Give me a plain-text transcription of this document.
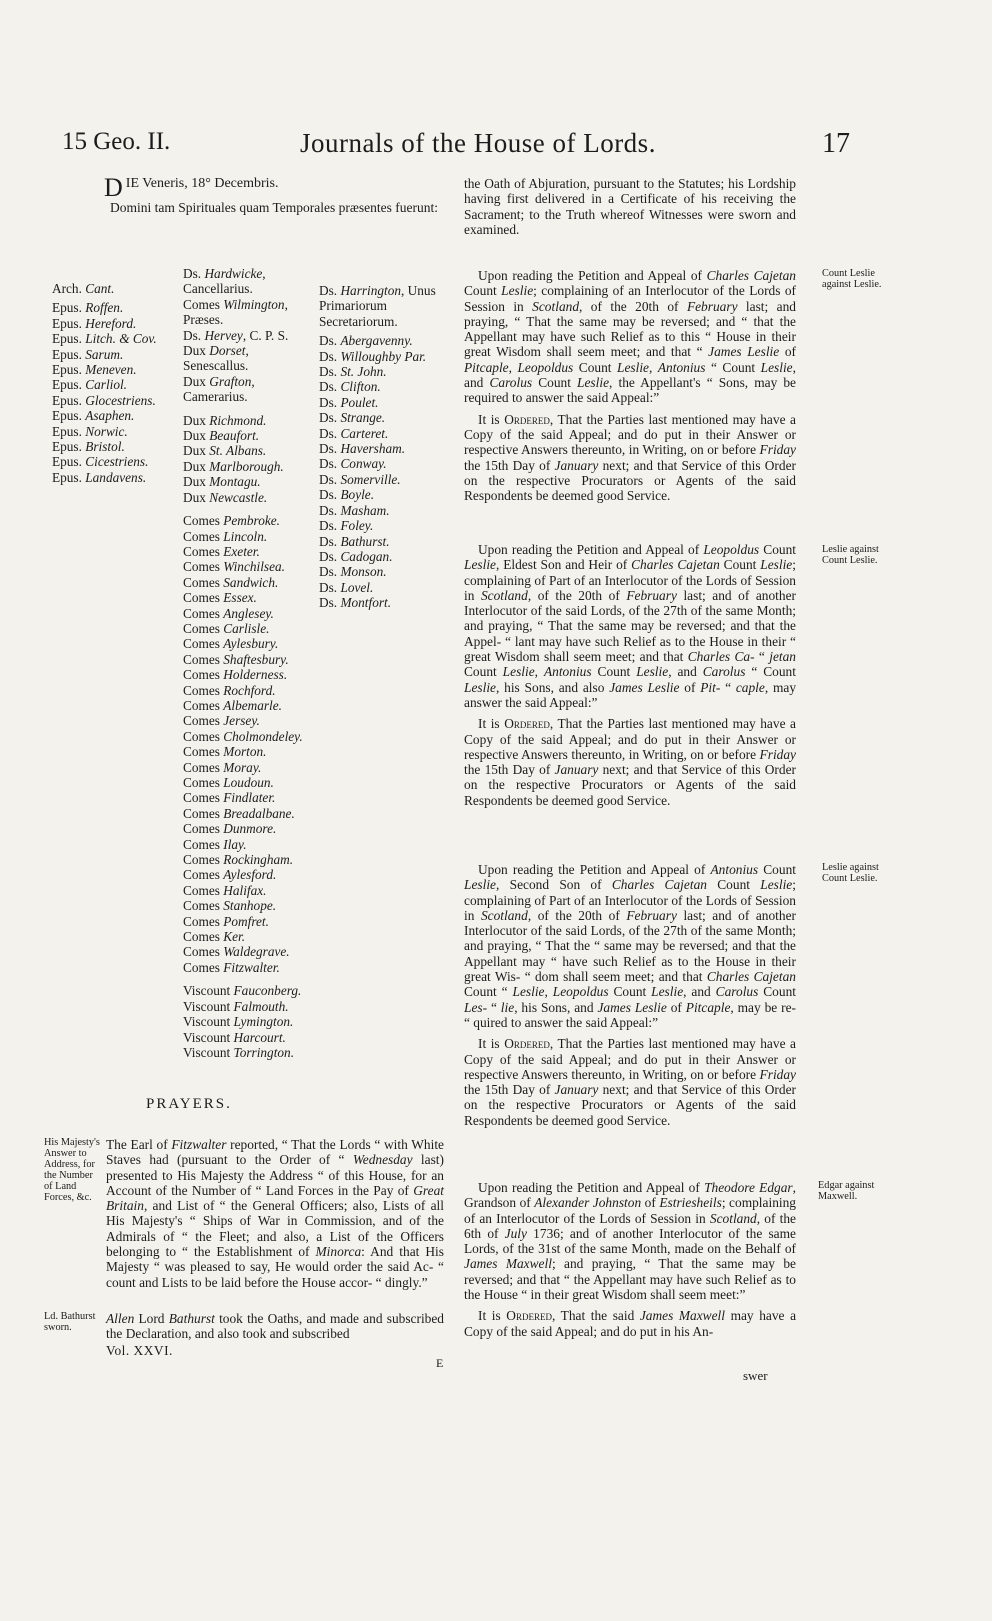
15 Geo. II.	Journals of the House of Lords.	17
D IE Veneris, 18° Decembris.

Domini tam Spirituales quam Temporales præsentes fuerunt:

Arch. Cant.
Epus. Roffen.
Epus. Hereford.
Epus. Litch. & Cov.
Epus. Sarum.
Epus. Meneven.
Epus. Carliol.
Epus. Glocestriens.
Epus. Asaphen.
Epus. Norwic.
Epus. Bristol.
Epus. Cicestriens.
Epus. Landavens.
Ds. Hardwicke, Cancellarius.
Comes Wilmington, Præses.
Ds. Hervey, C. P. S.
Dux Dorset, Senescallus.
Dux Grafton, Camerarius.
Dux Richmond.
Dux Beaufort.
Dux St. Albans.
Dux Marlborough.
Dux Montagu.
Dux Newcastle.
Comes Pembroke.
Comes Lincoln.
Comes Exeter.
Comes Winchilsea.
Comes Sandwich.
Comes Essex.
Comes Anglesey.
Comes Carlisle.
Comes Aylesbury.
Comes Shaftesbury.
Comes Holderness.
Comes Rochford.
Comes Albemarle.
Comes Jersey.
Comes Cholmondeley.
Comes Morton.
Comes Moray.
Comes Loudoun.
Comes Findlater.
Comes Breadalbane.
Comes Dunmore.
Comes Ilay.
Comes Rockingham.
Comes Aylesford.
Comes Halifax.
Comes Stanhope.
Comes Pomfret.
Comes Ker.
Comes Waldegrave.
Comes Fitzwalter.
Viscount Fauconberg.
Viscount Falmouth.
Viscount Lymington.
Viscount Harcourt.
Viscount Torrington.
Ds. Harrington, Unus Primariorum Secretariorum.
Ds. Abergavenny.
Ds. Willoughby Par.
Ds. St. John.
Ds. Clifton.
Ds. Poulet.
Ds. Strange.
Ds. Carteret.
Ds. Haversham.
Ds. Conway.
Ds. Somerville.
Ds. Boyle.
Ds. Masham.
Ds. Foley.
Ds. Bathurst.
Ds. Cadogan.
Ds. Monson.
Ds. Lovel.
Ds. Montfort.
PRAYERS.
His Majesty's Answer to Address, for the Number of Land Forces, &c.
Ld. Bathurst sworn.
Count Leslie against Leslie.
Leslie against Count Leslie.
Leslie against Count Leslie.
Edgar against Maxwell.
The Earl of Fitzwalter reported, “ That the Lords “ with White Staves had (pursuant to the Order of “ Wednesday last) presented to His Majesty the Address “ of this House, for an Account of the Number of “ Land Forces in the Pay of Great Britain, and List of “ the General Officers; also, Lists of all His Majesty's “ Ships of War in Commission, and of the Admirals of “ the Fleet; and also, a List of the Officers belonging to “ the Establishment of Minorca: And that His Majesty “ was pleased to say, He would order the said Ac- “ count and Lists to be laid before the House accor- “ dingly.”
Allen Lord Bathurst took the Oaths, and made and subscribed the Declaration, and also took and subscribed
Vol. XXVI.
E
the Oath of Abjuration, pursuant to the Statutes; his Lordship having first delivered in a Certificate of his receiving the Sacrament; to the Truth whereof Witnesses were sworn and examined.

Upon reading the Petition and Appeal of Charles Cajetan Count Leslie; complaining of an Interlocutor of the Lords of Session in Scotland, of the 20th of February last; and praying, “ That the same may be reversed; and “ that the Appellant may have such Relief as to this “ House in their great Wisdom shall seem meet; and that “ James Leslie of Pitcaple, Leopoldus Count Leslie, Antonius “ Count Leslie, and Carolus Count Leslie, the Appellant's “ Sons, may be required to answer the said Appeal:”

It is Ordered, That the Parties last mentioned may have a Copy of the said Appeal; and do put in their Answer or respective Answers thereunto, in Writing, on or before Friday the 15th Day of January next; and that Service of this Order on the respective Procurators or Agents of the said Respondents be deemed good Service.

Upon reading the Petition and Appeal of Leopoldus Count Leslie, Eldest Son and Heir of Charles Cajetan Count Leslie; complaining of Part of an Interlocutor of the Lords of Session in Scotland, of the 20th of February last; and of another Interlocutor of the said Lords, of the 27th of the same Month; and praying, “ That the same may be reversed; and that the Appel- “ lant may have such Relief as to the House in their “ great Wisdom shall seem meet; and that Charles Ca- “ jetan Count Leslie, Antonius Count Leslie, and Carolus “ Count Leslie, his Sons, and also James Leslie of Pit- “ caple, may answer the said Appeal:”

It is Ordered, That the Parties last mentioned may have a Copy of the said Appeal; and do put in their Answer or respective Answers thereunto, in Writing, on or before Friday the 15th Day of January next; and that Service of this Order on the respective Procurators or Agents of the said Respondents be deemed good Service.

Upon reading the Petition and Appeal of Antonius Count Leslie, Second Son of Charles Cajetan Count Leslie; complaining of Part of an Interlocutor of the Lords of Session in Scotland, of the 20th of February last; and of another Interlocutor of the said Lords, of the 27th of the same Month; and praying, “ That the “ same may be reversed; and that the Appellant may “ have such Relief as to the House in their great Wis- “ dom shall seem meet; and that Charles Cajetan Count “ Leslie, Leopoldus Count Leslie, and Carolus Count Les- “ lie, his Sons, and James Leslie of Pitcaple, may be re- “ quired to answer the said Appeal:”

It is Ordered, That the Parties last mentioned may have a Copy of the said Appeal; and do put in their Answer or respective Answers thereunto, in Writing, on or before Friday the 15th Day of January next; and that Service of this Order on the respective Procurators or Agents of the said Respondents be deemed good Service.

Upon reading the Petition and Appeal of Theodore Edgar, Grandson of Alexander Johnston of Estriesheils; complaining of an Interlocutor of the Lords of Session in Scotland, of the 6th of July 1736; and of another Interlocutor of the same Lords, of the 31st of the same Month, made on the Behalf of James Maxwell; and praying, “ That the same may be reversed; and that “ the Appellant may have such Relief as to the House “ in their great Wisdom shall seem meet:”

It is Ordered, That the said James Maxwell may have a Copy of the said Appeal; and do put in his An-

swer
